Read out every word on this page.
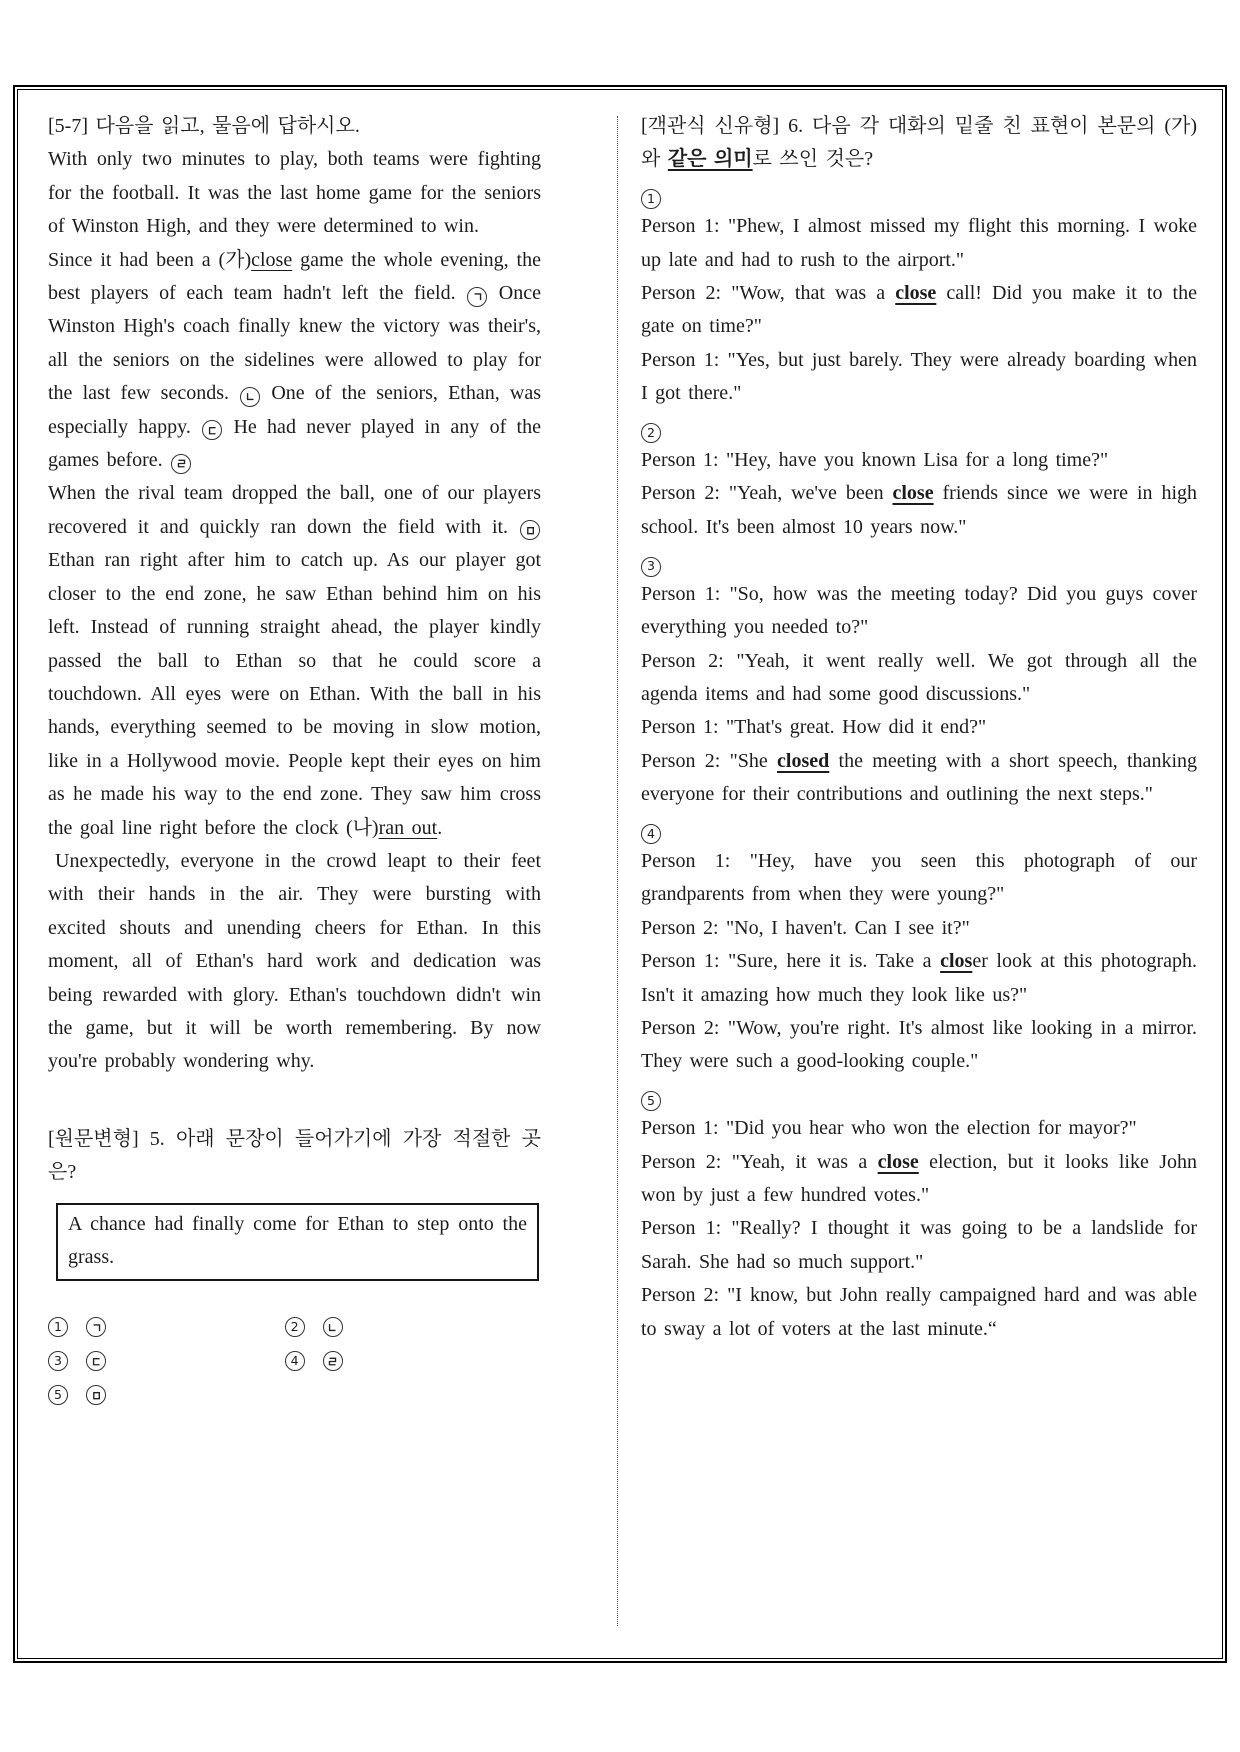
[5-7] 다음을 읽고, 물음에 답하시오.

With only two minutes to play, both teams were fighting for the football. It was the last home game for the seniors of Winston High, and they were determined to win.

Since it had been a (가)close game the whole evening, the best players of each team hadn't left the field.
Once Winston High's coach finally knew the victory was their's, all the seniors on the sidelines were allowed to play for the last few seconds.
One of the seniors, Ethan, was especially happy.
He had never played in any of the games before.

When the rival team dropped the ball, one of our players recovered it and quickly ran down the field with it.
Ethan ran right after him to catch up. As our player got closer to the end zone, he saw Ethan behind him on his left. Instead of running straight ahead, the player kindly passed the ball to Ethan so that he could score a touchdown. All eyes were on Ethan. With the ball in his hands, everything seemed to be moving in slow motion, like in a Hollywood movie. People kept their eyes on him as he made his way to the end zone. They saw him cross the goal line right before the clock (나)ran out.

Unexpectedly, everyone in the crowd leapt to their feet with their hands in the air. They were bursting with excited shouts and unending cheers for Ethan. In this moment, all of Ethan's hard work and dedication was being rewarded with glory. Ethan's touchdown didn't win the game, but it will be worth remembering. By now you're probably wondering why.

[원문변형] 5. 아래 문장이 들어가기에 가장 적절한 곳은?

A chance had finally come for Ethan to step onto the grass.

1	2
3	4
5

[객관식 신유형] 6. 다음 각 대화의 밑줄 친 표현이 본문의 (가)와 같은 의미로 쓰인 것은?

1

Person 1: "Phew, I almost missed my flight this morning. I woke up late and had to rush to the airport."

Person 2: "Wow, that was a close call! Did you make it to the gate on time?"

Person 1: "Yes, but just barely. They were already boarding when I got there."

2

Person 1: "Hey, have you known Lisa for a long time?"

Person 2: "Yeah, we've been close friends since we were in high school. It's been almost 10 years now."

3

Person 1: "So, how was the meeting today? Did you guys cover everything you needed to?"

Person 2: "Yeah, it went really well. We got through all the agenda items and had some good discussions."

Person 1: "That's great. How did it end?"

Person 2: "She closed the meeting with a short speech, thanking everyone for their contributions and outlining the next steps."

4

Person 1: "Hey, have you seen this photograph of our grandparents from when they were young?"

Person 2: "No, I haven't. Can I see it?"

Person 1: "Sure, here it is. Take a closer look at this photograph. Isn't it amazing how much they look like us?"

Person 2: "Wow, you're right. It's almost like looking in a mirror. They were such a good-looking couple."

5

Person 1: "Did you hear who won the election for mayor?"

Person 2: "Yeah, it was a close election, but it looks like John won by just a few hundred votes."

Person 1: "Really? I thought it was going to be a landslide for Sarah. She had so much support."

Person 2: "I know, but John really campaigned hard and was able to sway a lot of voters at the last minute.“
